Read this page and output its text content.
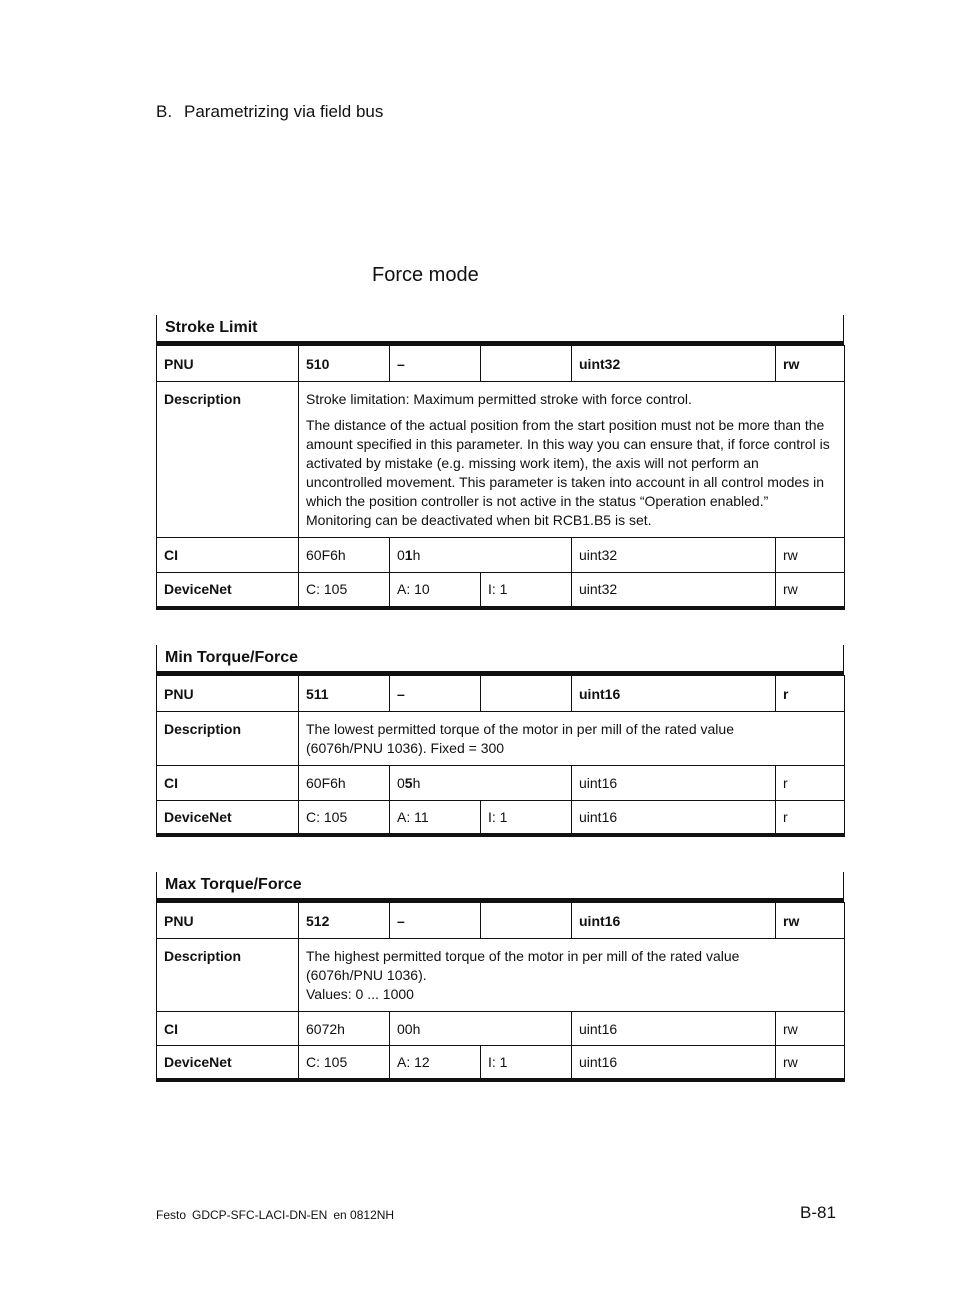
B. Parametrizing via field bus
Force mode
Stroke Limit
PNU	510	–		uint32	rw
Description	Stroke limitation: Maximum permitted stroke with force control.

The distance of the actual position from the start position must not be more than the amount specified in this parameter. In this way you can ensure that, if force control is activated by mistake (e.g. missing work item), the axis will not perform an uncontrolled movement. This parameter is taken into account in all control modes in which the position controller is not active in the status “Operation enabled.” Monitoring can be deactivated when bit RCB1.B5 is set.				

CI	60F6h	01h		uint32	rw
DeviceNet	C: 105	A: 10	I: 1	uint32	rw
Min Torque/Force
PNU	511	–		uint16	r
Description	The lowest permitted torque of the motor in per mill of the rated value
(6076h/PNU 1036). Fixed = 300				

CI	60F6h	05h		uint16	r
DeviceNet	C: 105	A: 11	I: 1	uint16	r
Max Torque/Force
PNU	512	–		uint16	rw
Description	The highest permitted torque of the motor in per mill of the rated value
(6076h/PNU 1036).
Values: 0 ... 1000				

CI	6072h	00h		uint16	rw
DeviceNet	C: 105	A: 12	I: 1	uint16	rw
Festo GDCP-SFC-LACI-DN-EN en 0812NH	B-81
